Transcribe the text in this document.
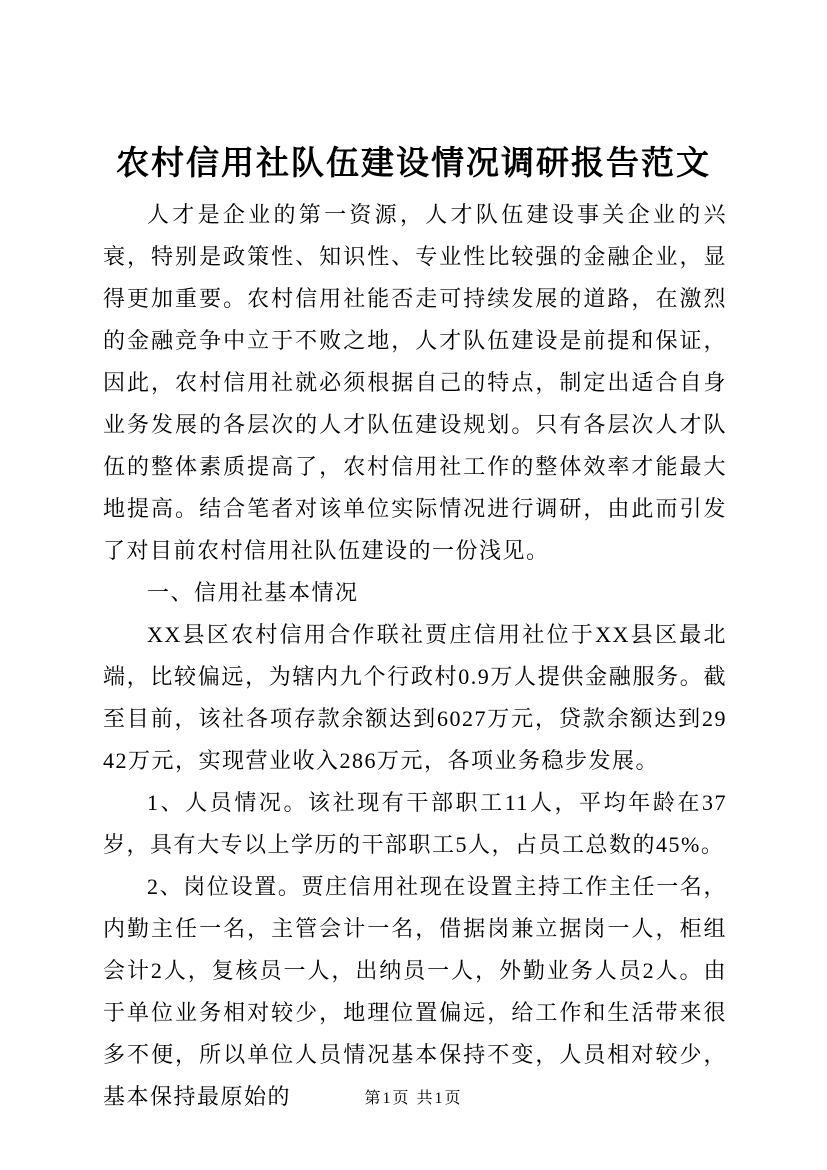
农村信用社队伍建设情况调研报告范文

人才是企业的第一资源，人才队伍建设事关企业的兴衰，特别是政策性、知识性、专业性比较强的金融企业，显得更加重要。农村信用社能否走可持续发展的道路，在激烈的金融竞争中立于不败之地，人才队伍建设是前提和保证，因此，农村信用社就必须根据自己的特点，制定出适合自身业务发展的各层次的人才队伍建设规划。只有各层次人才队伍的整体素质提高了，农村信用社工作的整体效率才能最大地提高。结合笔者对该单位实际情况进行调研，由此而引发了对目前农村信用社队伍建设的一份浅见。

一、信用社基本情况

XX县区农村信用合作联社贾庄信用社位于XX县区最北端，比较偏远，为辖内九个行政村0.9万人提供金融服务。截至目前，该社各项存款余额达到6027万元，贷款余额达到2942万元，实现营业收入286万元，各项业务稳步发展。

1、人员情况。该社现有干部职工11人，平均年龄在37岁，具有大专以上学历的干部职工5人，占员工总数的45%。

2、岗位设置。贾庄信用社现在设置主持工作主任一名，内勤主任一名，主管会计一名，借据岗兼立据岗一人，柜组会计2人，复核员一人，出纳员一人，外勤业务人员2人。由于单位业务相对较少，地理位置偏远，给工作和生活带来很多不便，所以单位人员情况基本保持不变，人员相对较少，基本保持最原始的	第1页 共1页
